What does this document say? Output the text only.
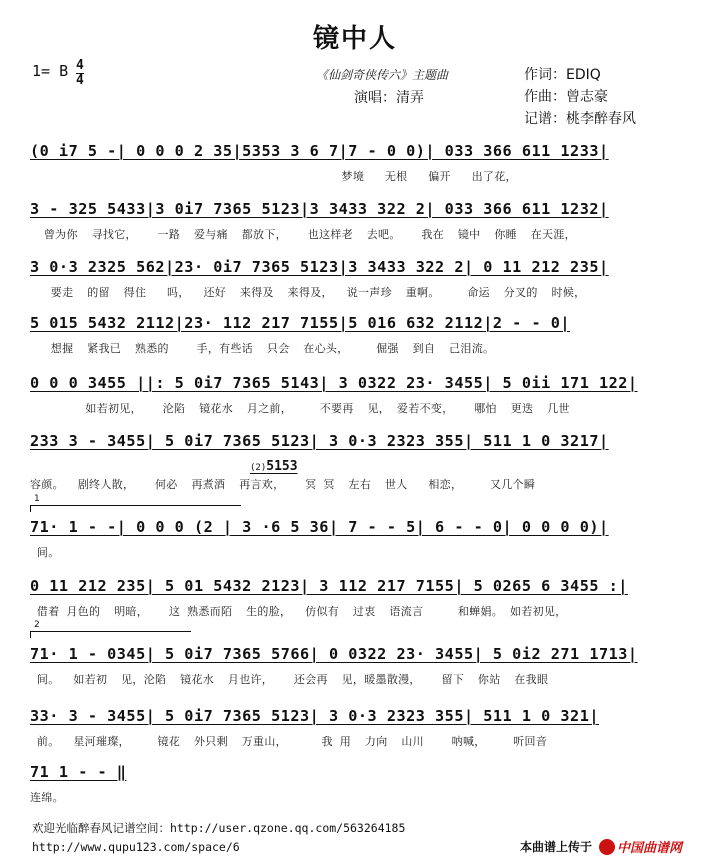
镜中人
1= B 4
4	《仙剑奇侠传六》主题曲
演唱：清弄
作词：EDIQ
作曲：曾志豪
记谱：桃李醉春风
(0 i7 5 -| 0 0 0 2 35|5353 3 6 7|7 - 0 0)| 033 366 611 1233|
梦境   无根   偏开   出了花，
3 - 325 5433|3 0i7 7365 5123|3 3433 322 2| 033 366 611 1232|
曾为你  寻找它，   一路  爱与痛  都放下，   也这样老  去吧。   我在  镜中  你睡  在天涯，
3 0·3 2325 562|23· 0i7 7365 5123|3 3433 322 2| 0 11 212 235|
要走  的留  得住   吗，  还好  来得及  来得及，  说一声珍  重啊。    命运  分叉的  时候，
5 015 5432 2112|23· 112 217 7155|5 016 632 2112|2 - - 0|
想握  紧我已  熟悉的    手，有些话  只会  在心头，    倔强  到自  己泪流。
0 0 0 3455 ||: 5 0i7 7365 5143| 3 0322 23· 3455| 5 0ii 171 122|
如若初见，   沦陷  镜花水  月之前，    不要再  见， 爱若不变，   哪怕  更迭  几世
233 3 - 3455| 5 0i7 7365 5123| 3 0·3 2323 355| 511 1 0 3217|
容颜。  剧终人散，   何必  再煮酒  再言欢，   冥 冥  左右  世人   相恋，    又几个瞬
(2)5153
1
71· 1 - -| 0 0 0 (2 | 3 ·6 5 36| 7 - - 5| 6 - - 0| 0 0 0 0)|
间。
0 11 212 235| 5 01 5432 2123| 3 112 217 7155| 5 0265 6 3455 :|
借着 月色的  明暗，   这 熟悉而陌  生的脸，  仿似有  过衷  语流言     和蝉娟。 如若初见，
2
71· 1 - 0345| 5 0i7 7365 5766| 0 0322 23· 3455| 5 0i2 271 1713|
间。  如若初  见，沦陷  镜花水  月也许，   还会再  见，暖墨散漫，   留下  你站  在我眼
33· 3 - 3455| 5 0i7 7365 5123| 3 0·3 2323 355| 511 1 0 321|
前。  星河璀璨，    镜花  外只剩  万重山，     我 用  力向  山川    呐喊，    听回音
71 1 - - ‖
连绵。
欢迎光临醉春风记谱空间：http://user.qzone.qq.com/563264185
http://www.qupu123.com/space/6	本曲谱上传于	中国曲谱网
